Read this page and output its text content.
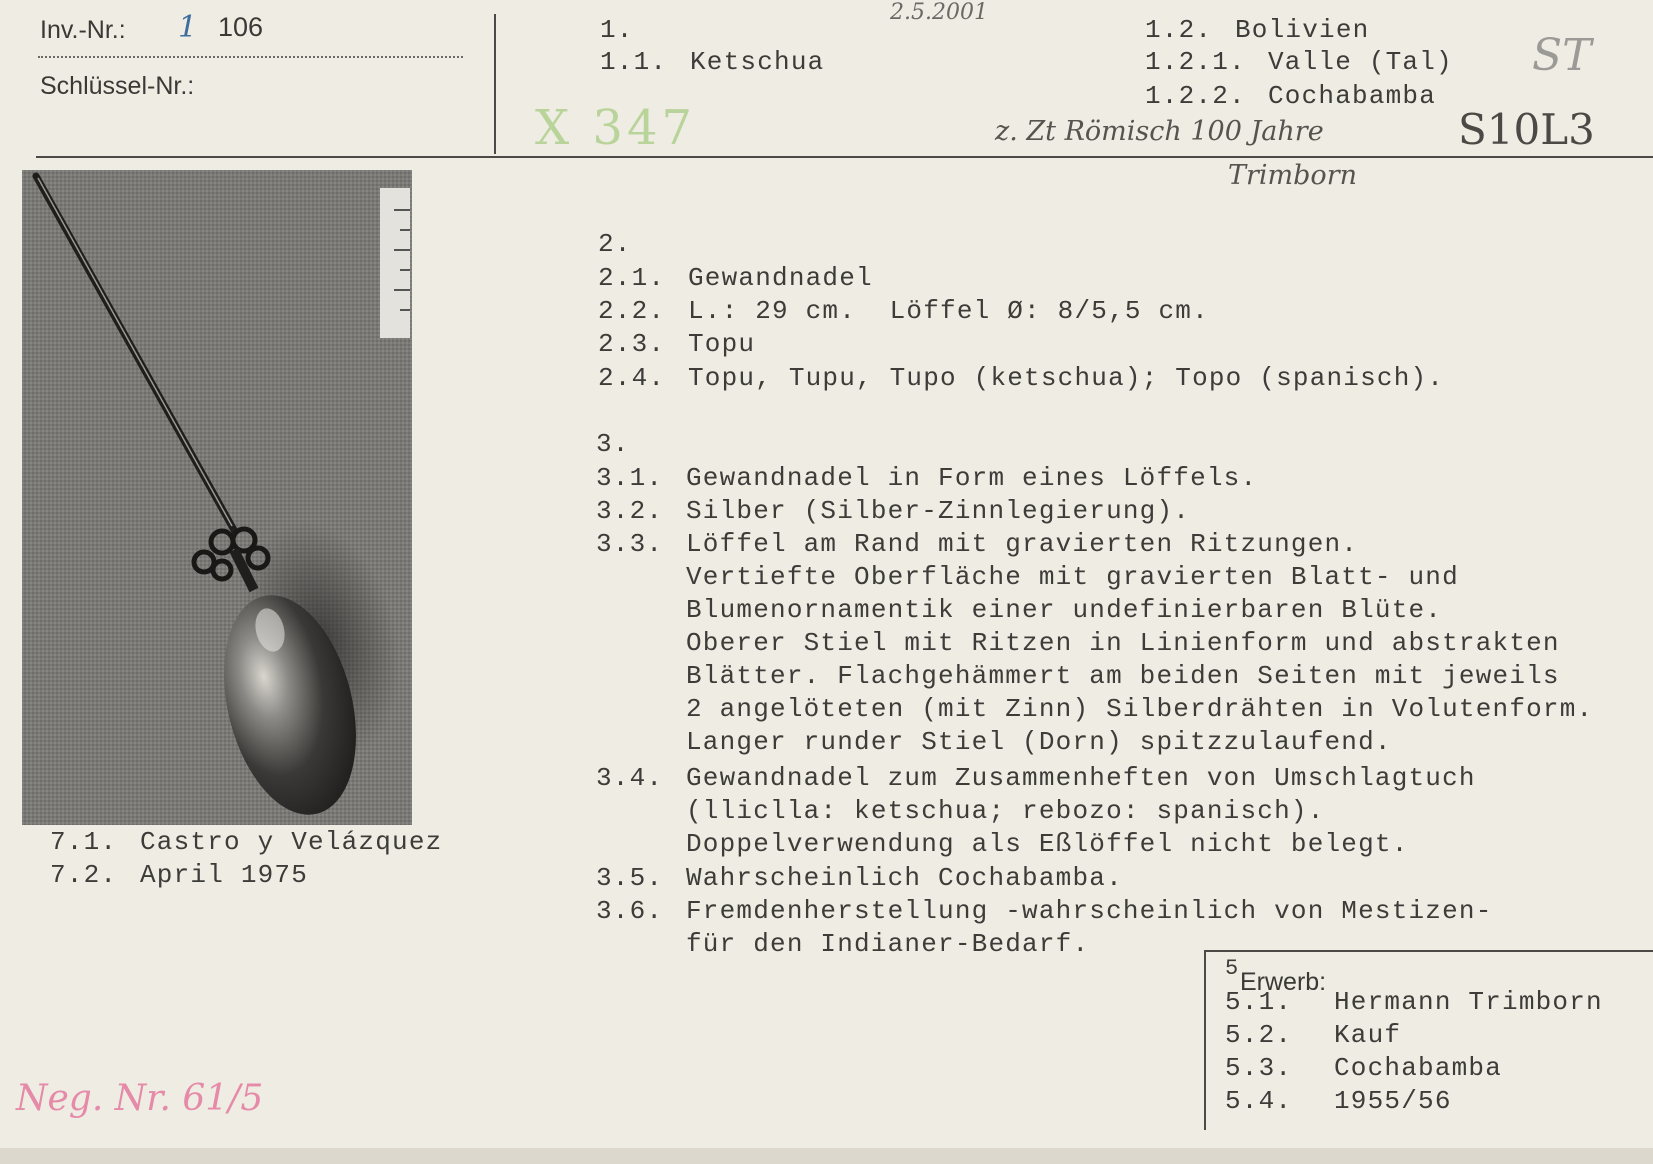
Inv.-Nr.: 1 106
Schlüssel-Nr.:
2.5.2001
X 347	z. Zt Römisch 100 Jahre
Trimborn
ST
S10L3
1.
1.1. Ketschua
1.2. Bolivien
1.2.1. Valle (Tal)
1.2.2. Cochabamba
7.1. Castro y Velázquez
7.2. April 1975
2.
2.1. Gewandnadel
2.2. L.: 29 cm.  Löffel Ø: 8/5,5 cm.
2.3. Topu
2.4. Topu, Tupu, Tupo (ketschua); Topo (spanisch).
3.
3.1. Gewandnadel in Form eines Löffels.
3.2. Silber (Silber-Zinnlegierung).
3.3. Löffel am Rand mit gravierten Ritzungen.
Vertiefte Oberfläche mit gravierten Blatt- und
Blumenornamentik einer undefinierbaren Blüte.
Oberer Stiel mit Ritzen in Linienform und abstrakten
Blätter. Flachgehämmert am beiden Seiten mit jeweils
2 angelöteten (mit Zinn) Silberdrähten in Volutenform.
Langer runder Stiel (Dorn) spitzzulaufend.
3.4. Gewandnadel zum Zusammenheften von Umschlagtuch
(lliclla: ketschua; rebozo: spanisch).
Doppelverwendung als Eßlöffel nicht belegt.
3.5. Wahrscheinlich Cochabamba.
3.6. Fremdenherstellung -wahrscheinlich von Mestizen-
für den Indianer-Bedarf.
5 Erwerb:
5.1. Hermann Trimborn
5.2. Kauf
5.3. Cochabamba
5.4. 1955/56
Neg. Nr. 61/5
